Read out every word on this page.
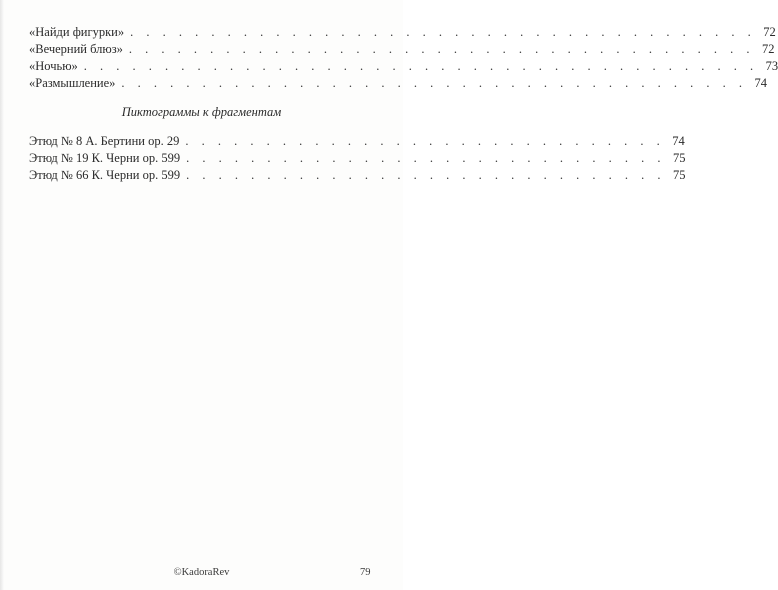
«Найди фигурки» . . . . . . . . . . . . . . . . . . . . . . . . . . . . . . . . . . . . . . . 72
«Вечерний блюз» . . . . . . . . . . . . . . . . . . . . . . . . . . . . . . . . . . . . . . . 72
«Ночью» . . . . . . . . . . . . . . . . . . . . . . . . . . . . . . . . . . . . . . . . . . 73
«Размышление» . . . . . . . . . . . . . . . . . . . . . . . . . . . . . . . . . . . . . . . 74
Пиктограммы к фрагментам
Этюд № 8 А. Бертини ор. 29 . . . . . . . . . . . . . . . . . . . . . . . . . . . . . . 74
Этюд № 19 К. Черни ор. 599 . . . . . . . . . . . . . . . . . . . . . . . . . . . . . . 75
Этюд № 66 К. Черни ор. 599 . . . . . . . . . . . . . . . . . . . . . . . . . . . . . . 75
©KadoraRev	79
